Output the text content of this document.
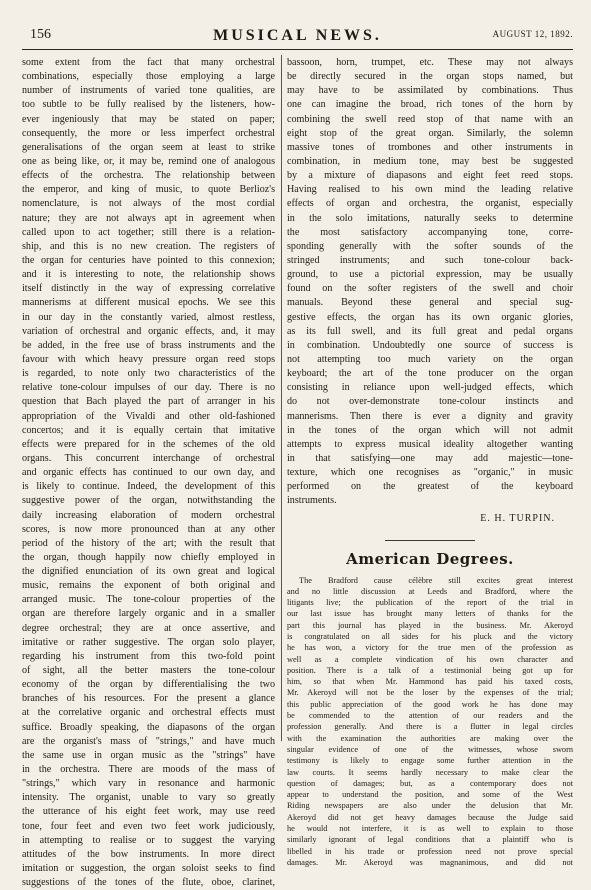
156	MUSICAL NEWS.	AUGUST 12, 1892.
some extent from the fact that many orchestral
combinations, especially those employing a large
number of instruments of varied tone qualities, are
too subtle to be fully realised by the listeners, how-
ever ingeniously that may be stated on paper;
consequently, the more or less imperfect orchestral
generalisations of the organ seem at least to strike
one as being like, or, it may be, remind one of analogous
effects of the orchestra. The relationship between
the emperor, and king of music, to quote Berlioz's
nomenclature, is not always of the most cordial
nature; they are not always apt in agreement when
called upon to act together; still there is a relation-
ship, and this is no new creation. The registers of
the organ for centuries have pointed to this connexion;
and it is interesting to note, the relationship shows
itself distinctly in the way of expressing correlative
mannerisms at different musical epochs. We see this
in our day in the constantly varied, almost restless,
variation of orchestral and organic effects, and, it may
be added, in the free use of brass instruments and the
favour with which heavy pressure organ reed stops
is regarded, to note only two characteristics of the
relative tone-colour impulses of our day. There is no
question that Bach played the part of arranger in his
appropriation of the Vivaldi and other old-fashioned
concertos; and it is equally certain that imitative
effects were prepared for in the schemes of the old
organs. This concurrent interchange of orchestral
and organic effects has continued to our own day, and
is likely to continue. Indeed, the development of this
suggestive power of the organ, notwithstanding the
daily increasing elaboration of modern orchestral
scores, is now more pronounced than at any other
period of the history of the art; with the result that
the organ, though happily now chiefly employed in
the dignified enunciation of its own great and logical
music, remains the exponent of both original and
arranged music. The tone-colour properties of the
organ are therefore largely organic and in a smaller
degree orchestral; they are at once assertive, and
imitative or rather suggestive. The organ solo player,
regarding his instrument from this two-fold point
of sight, all the better masters the tone-colour
economy of the organ by differentialising the two
branches of his resources. For the present a glance
at the correlative organic and orchestral effects must
suffice. Broadly speaking, the diapasons of the organ
are the organist's mass of "strings," and have much
the same use in organ music as the "strings" have
in the orchestra. There are moods of the mass of
"strings," which vary in resonance and harmonic
intensity. The organist, unable to vary so greatly
the utterance of his eight feet work, may use reed
tone, four feet and even two feet work judiciously,
in attempting to realise or to suggest the varying
attitudes of the bow instruments. In more direct
imitation or suggestion, the organ soloist seeks to find
suggestions of the tones of the flute, oboe, clarinet,
bassoon, horn, trumpet, etc. These may not always
be directly secured in the organ stops named, but
may have to be assimilated by combinations. Thus
one can imagine the broad, rich tones of the horn by
combining the swell reed stop of that name with an
eight stop of the great organ. Similarly, the solemn
massive tones of trombones and other instruments in
combination, in medium tone, may best be suggested
by a mixture of diapasons and eight feet reed stops.
Having realised to his own mind the leading relative
effects of organ and orchestra, the organist, especially
in the solo imitations, naturally seeks to determine
the most satisfactory accompanying tone, corre-
sponding generally with the softer sounds of the
stringed instruments; and such tone-colour back-
ground, to use a pictorial expression, may be usually
found on the softer registers of the swell and choir
manuals. Beyond these general and special sug-
gestive effects, the organ has its own organic glories,
as its full swell, and its full great and pedal organs
in combination. Undoubtedly one source of success is
not attempting too much variety on the organ
keyboard; the art of the tone producer on the organ
consisting in reliance upon well-judged effects, which
do not over-demonstrate tone-colour instincts and
mannerisms. Then there is ever a dignity and gravity
in the tones of the organ which will not admit
attempts to express musical ideality altogether wanting
in that satisfying—one may add majestic—tone-
texture, which one recognises as "organic," in music
performed on the greatest of the keyboard
instruments.
E. H. TURPIN.
American Degrees.
The Bradford cause célèbre still excites great interest
and no little discussion at Leeds and Bradford, where the
litigants live; the publication of the report of the trial in
our last issue has brought many letters of thanks for the
part this journal has played in the business. Mr. Akeroyd
is congratulated on all sides for his pluck and the victory
he has won, a victory for the true men of the profession as
well as a complete vindication of his own character and
position. There is a talk of a testimonial being got up for
him, so that when Mr. Hammond has paid his taxed costs,
Mr. Akeroyd will not be the loser by the expenses of the trial;
this public appreciation of the good work he has done may
be commended to the attention of our readers and the
profession generally. And there is a flutter in legal circles
with the examination the authorities are making over the
singular evidence of one of the witnesses, whose sworn
testimony is likely to engage some further attention in the
law courts. It seems hardly necessary to make clear the
question of damages; but, as a contemporary does not
appear to understand the position, and some of the West
Riding newspapers are also under the delusion that Mr.
Akeroyd did not get heavy damages because the Judge said
he would not interfere, it is as well to explain to those
similarly ignorant of legal conditions that a plaintiff who is
libelled in his trade or profession need not prove special
damages. Mr. Akeroyd was magnanimous, and did not
